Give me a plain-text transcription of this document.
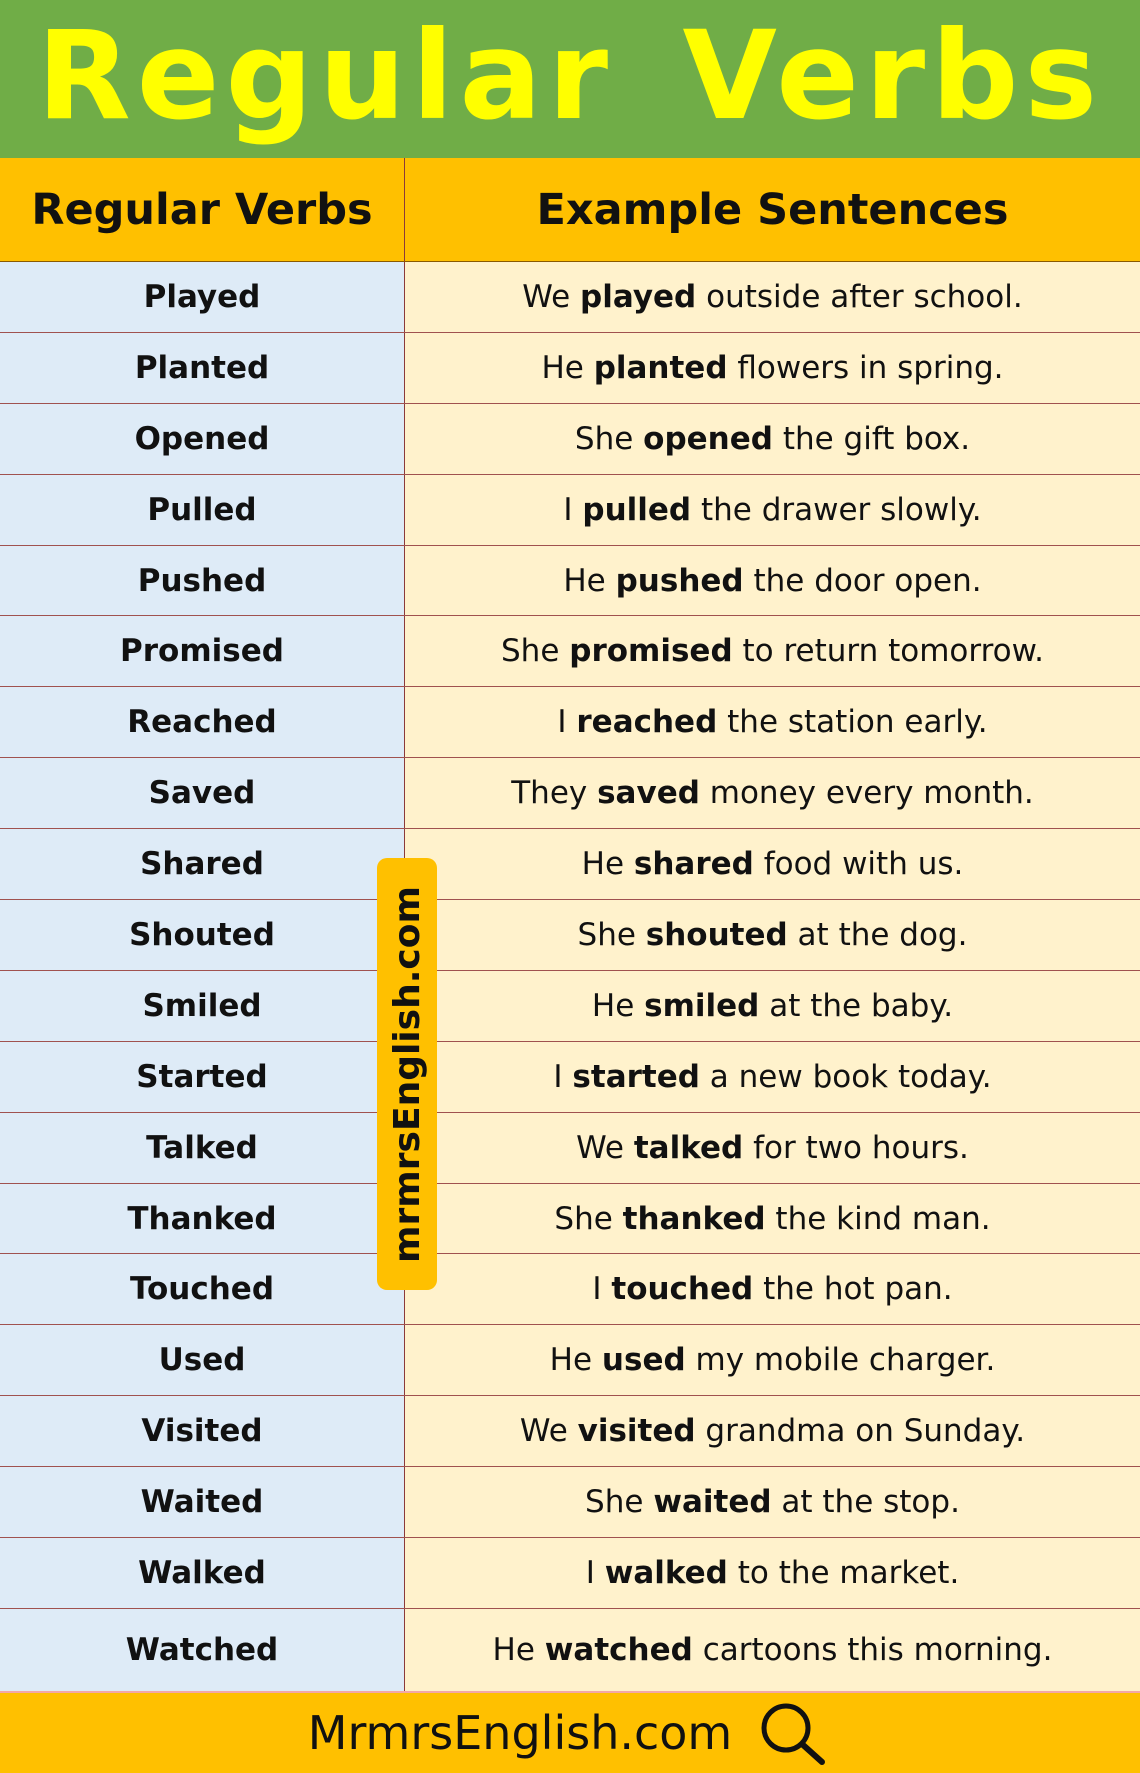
Regular Verbs
Regular Verbs	Example Sentences
Played	We played outside after school.
Planted	He planted flowers in spring.
Opened	She opened the gift box.
Pulled	I pulled the drawer slowly.
Pushed	He pushed the door open.
Promised	She promised to return tomorrow.
Reached	I reached the station early.
Saved	They saved money every month.
Shared	He shared food with us.
Shouted	She shouted at the dog.
Smiled	He smiled at the baby.
Started	I started a new book today.
Talked	We talked for two hours.
Thanked	She thanked the kind man.
Touched	I touched the hot pan.
Used	He used my mobile charger.
Visited	We visited grandma on Sunday.
Waited	She waited at the stop.
Walked	I walked to the market.
Watched	He watched cartoons this morning.
mrmrsEnglish.com
MrmrsEnglish.com
